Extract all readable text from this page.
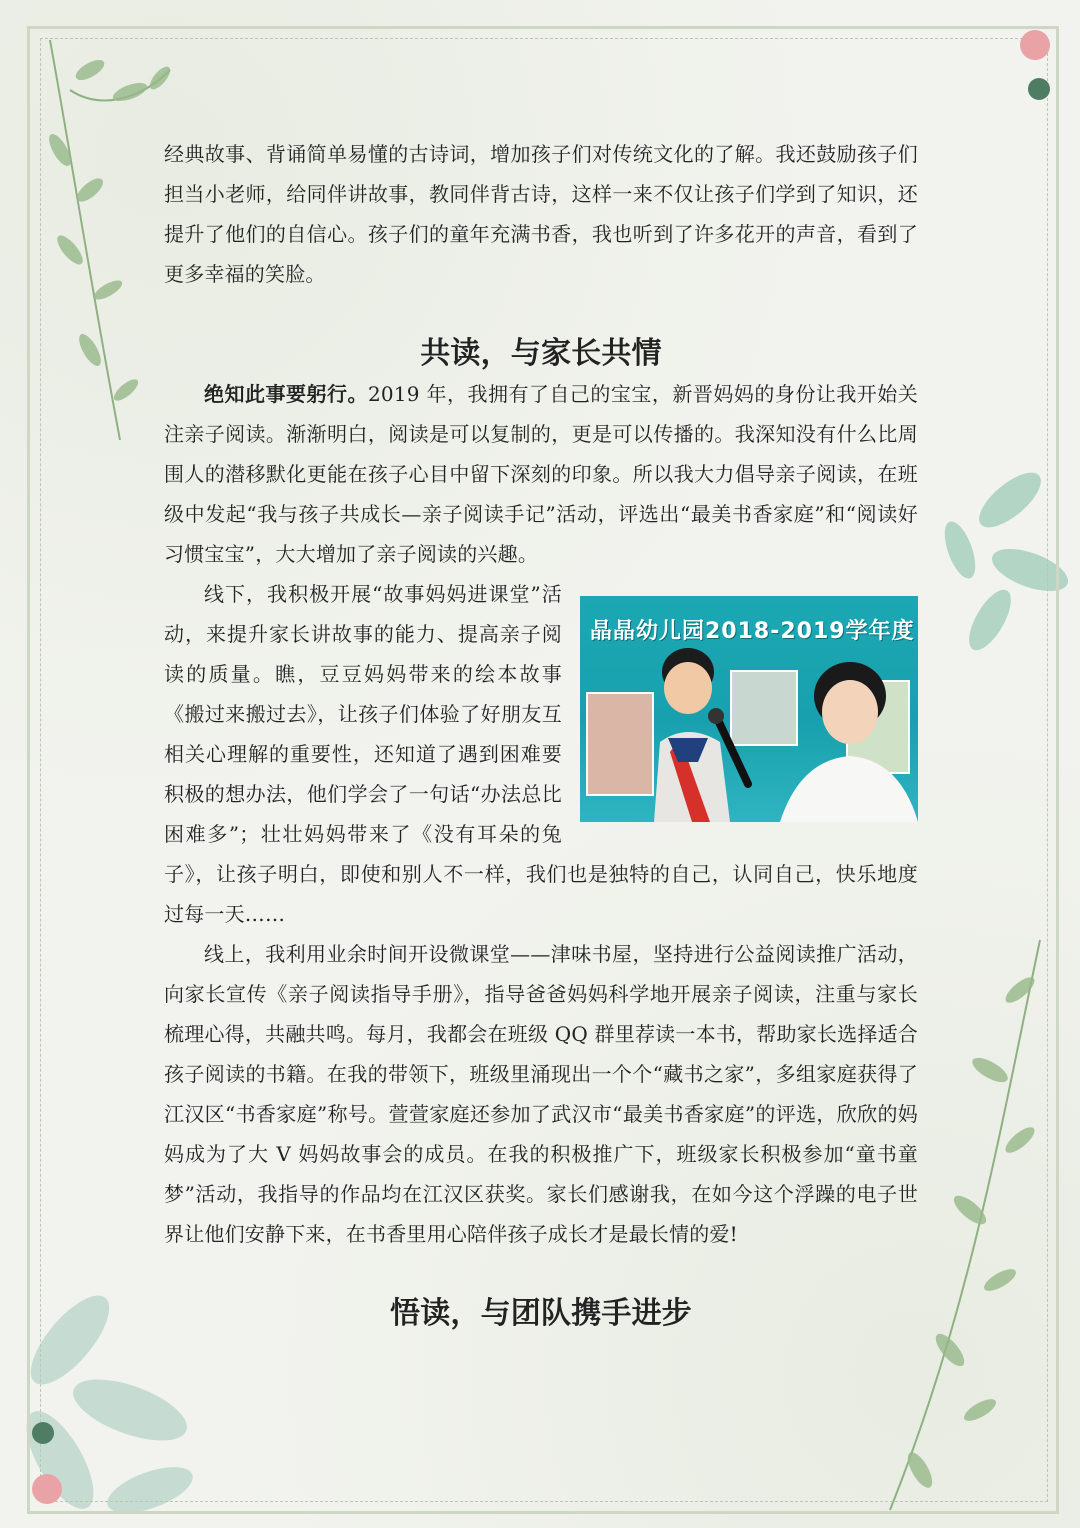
经典故事、背诵简单易懂的古诗词，增加孩子们对传统文化的了解。我还鼓励孩子们担当小老师，给同伴讲故事，教同伴背古诗，这样一来不仅让孩子们学到了知识，还提升了他们的自信心。孩子们的童年充满书香，我也听到了许多花开的声音，看到了更多幸福的笑脸。

共读，与家长共情

绝知此事要躬行。2019 年，我拥有了自己的宝宝，新晋妈妈的身份让我开始关注亲子阅读。渐渐明白，阅读是可以复制的，更是可以传播的。我深知没有什么比周围人的潜移默化更能在孩子心目中留下深刻的印象。所以我大力倡导亲子阅读，在班级中发起“我与孩子共成长—亲子阅读手记”活动，评选出“最美书香家庭”和“阅读好习惯宝宝”，大大增加了亲子阅读的兴趣。

晶晶幼儿园2018-2019学年度

线下，我积极开展“故事妈妈进课堂”活动，来提升家长讲故事的能力、提高亲子阅读的质量。瞧，豆豆妈妈带来的绘本故事《搬过来搬过去》，让孩子们体验了好朋友互相关心理解的重要性，还知道了遇到困难要积极的想办法，他们学会了一句话“办法总比困难多”；壮壮妈妈带来了《没有耳朵的兔子》，让孩子明白，即使和别人不一样，我们也是独特的自己，认同自己，快乐地度过每一天……

线上，我利用业余时间开设微课堂——津味书屋，坚持进行公益阅读推广活动，向家长宣传《亲子阅读指导手册》，指导爸爸妈妈科学地开展亲子阅读，注重与家长梳理心得，共融共鸣。每月，我都会在班级 QQ 群里荐读一本书，帮助家长选择适合孩子阅读的书籍。在我的带领下，班级里涌现出一个个“藏书之家”，多组家庭获得了江汉区“书香家庭”称号。萱萱家庭还参加了武汉市“最美书香家庭”的评选，欣欣的妈妈成为了大 V 妈妈故事会的成员。在我的积极推广下，班级家长积极参加“童书童梦”活动，我指导的作品均在江汉区获奖。家长们感谢我，在如今这个浮躁的电子世界让他们安静下来，在书香里用心陪伴孩子成长才是最长情的爱!

悟读，与团队携手进步
